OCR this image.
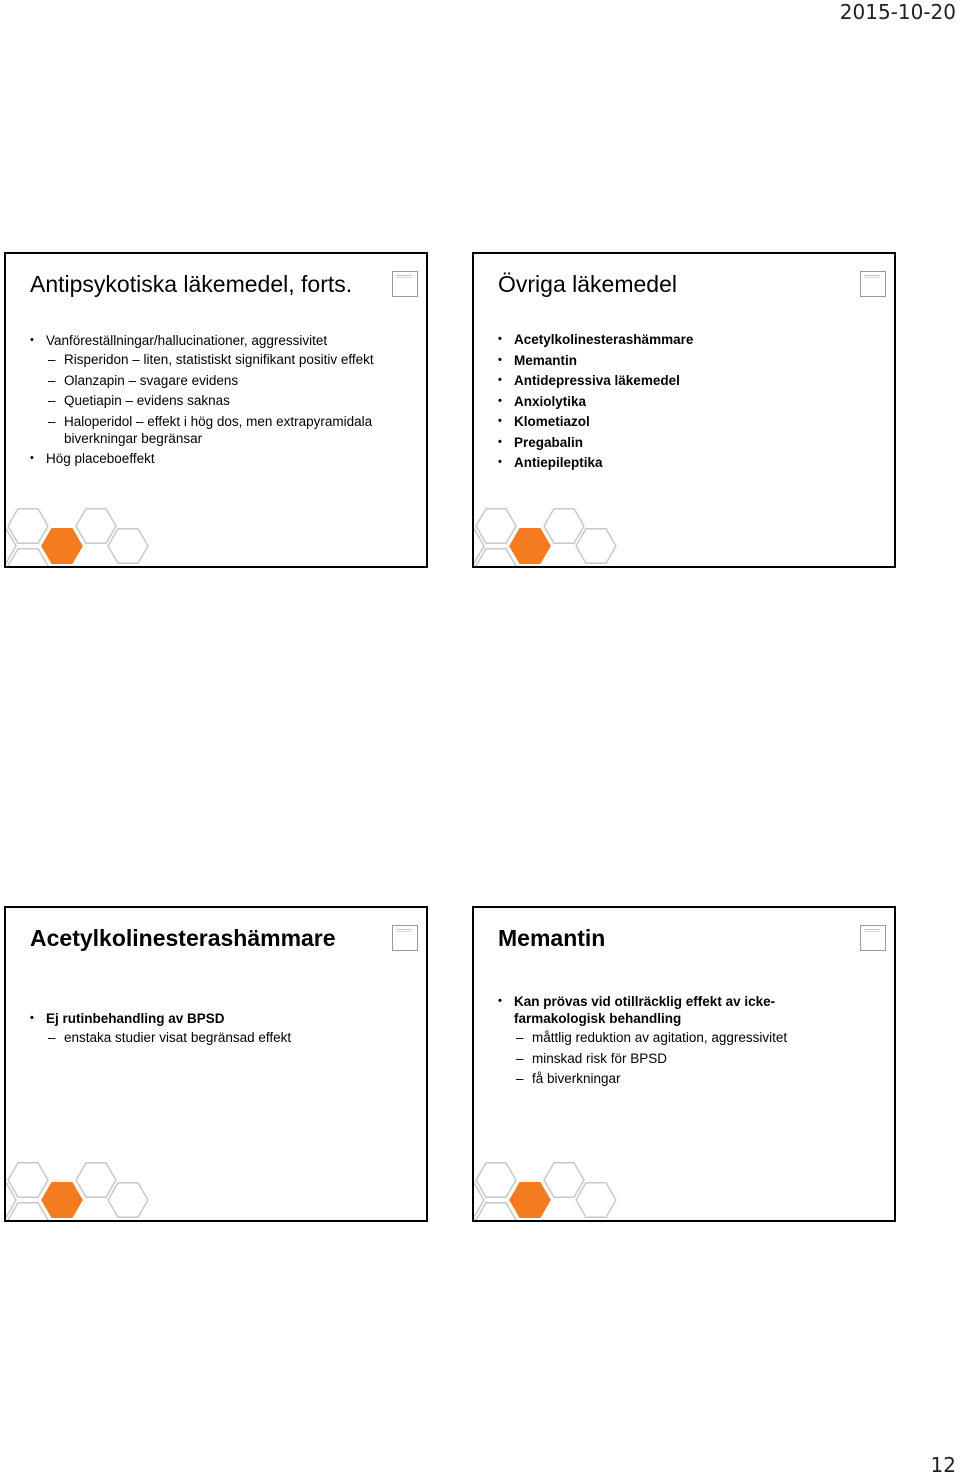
2015-10-20
Antipsykotiska läkemedel, forts.
• Vanföreställningar/hallucinationer, aggressivitet
– Risperidon – liten, statistiskt signifikant positiv effekt
– Olanzapin – svagare evidens
– Quetiapin – evidens saknas
– Haloperidol – effekt i hög dos, men extrapyramidala biverkningar begränsar
• Hög placeboeffekt
Övriga läkemedel
• Acetylkolinesterashämmare
• Memantin
• Antidepressiva läkemedel
• Anxiolytika
• Klometiazol
• Pregabalin
• Antiepileptika
Acetylkolinesterashämmare
• Ej rutinbehandling av BPSD
– enstaka studier visat begränsad effekt
Memantin
• Kan prövas vid otillräcklig effekt av icke-farmakologisk behandling
– måttlig reduktion av agitation, aggressivitet
– minskad risk för BPSD
– få biverkningar
12
